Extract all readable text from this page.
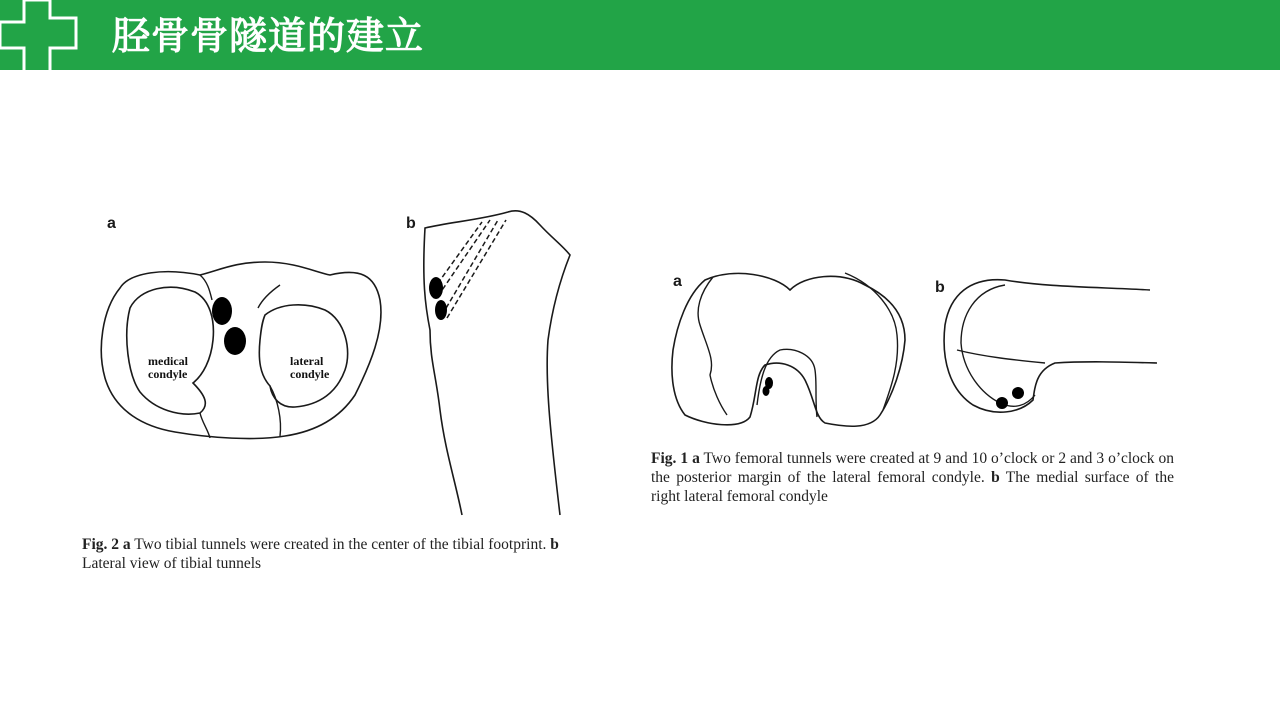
胫骨骨隧道的建立
a	b
medical
condyle
lateral
condyle
Fig. 2 a Two tibial tunnels were created in the center of the tibial footprint. b Lateral view of tibial tunnels
a	b
Fig. 1 a Two femoral tunnels were created at 9 and 10 o’clock or 2 and 3 o’clock on the posterior margin of the lateral femoral condyle. b The medial surface of the right lateral femoral condyle
